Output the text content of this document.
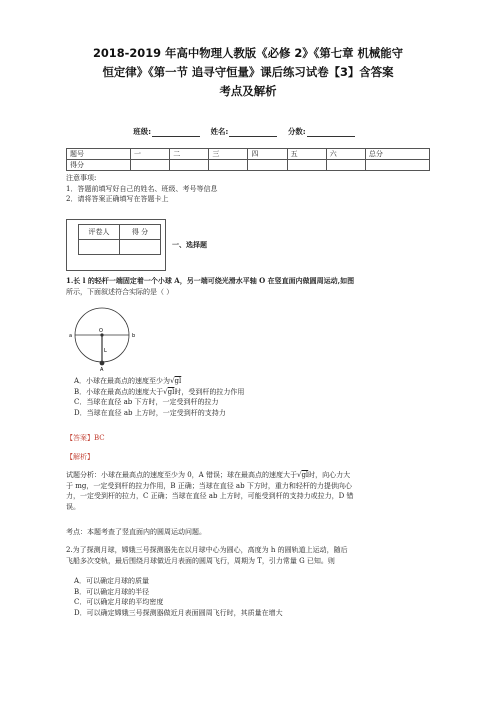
2018-2019 年高中物理人教版《必修 2》《第七章 机械能守
恒定律》《第一节 追寻守恒量》课后练习试卷【3】含答案
考点及解析
班级:	姓名:	分数:
题号	一	二	三	四	五	六	总分
得分							
注意事项:
1．答题前填写好自己的姓名、班级、考号等信息
2．请将答案正确填写在答题卡上
评卷人	得 分

一、选择题
1.长 l 的轻杆一端固定着一个小球 A，另一端可绕光滑水平轴 O 在竖直面内做圆周运动,如图
所示，下面叙述符合实际的是（ ）
a	b
O
L
A
A．小球在最高点的速度至少为√gl
B．小球在最高点的速度大于√gl时，受到杆的拉力作用
C．当球在直径 ab 下方时，一定受到杆的拉力
D．当球在直径 ab 上方时，一定受到杆的支持力
【答案】BC
【解析】
试题分析：小球在最高点的速度至少为 0，A 错误；球在最高点的速度大于√gl时，向心力大
于 mg，一定受到杆的拉力作用，B 正确；当球在直径 ab 下方时，重力和轻杆的力提供向心
力，一定受到杆的拉力，C 正确；当球在直径 ab 上方时，可能受到杆的支持力或拉力，D 错
误。
考点：本题考查了竖直面内的圆周运动问题。
2.为了探测月球，嫦娥三号探测器先在以月球中心为圆心，高度为 h 的圆轨道上运动，随后
飞船多次变轨，最后围绕月球做近月表面的圆周飞行，周期为 T，引力常量 G 已知。则
A．可以确定月球的质量
B．可以确定月球的半径
C．可以确定月球的平均密度
D．可以确定嫦娥三号探测器做近月表面圆周飞行时，其质量在增大
